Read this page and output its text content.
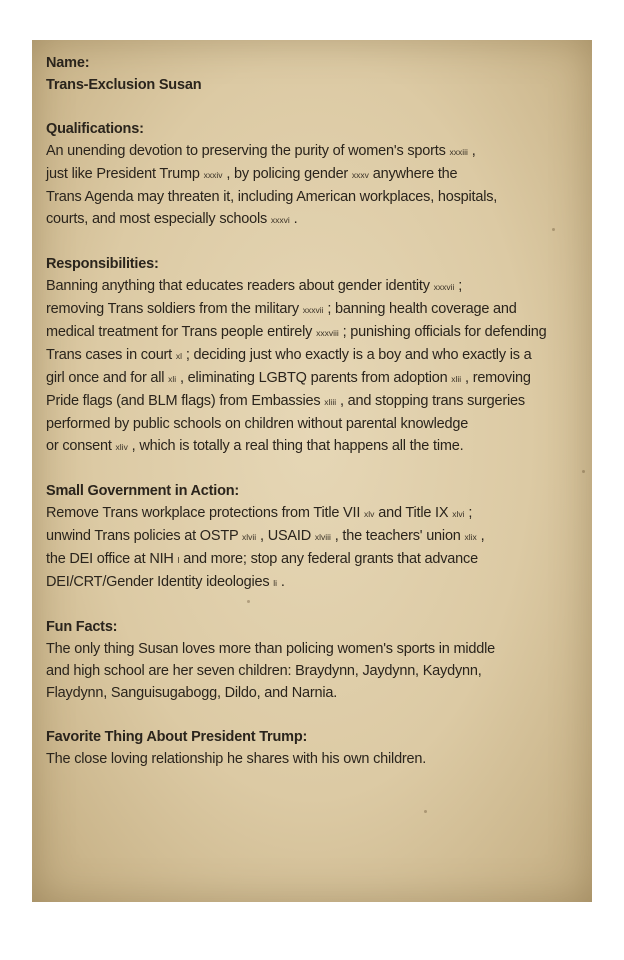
Name:
Trans-Exclusion Susan
Qualifications:
An unending devotion to preserving the purity of women's sports xxxiii ,
just like President Trump xxxiv , by policing gender xxxv anywhere the
Trans Agenda may threaten it, including American workplaces, hospitals,
courts, and most especially schools xxxvi .
Responsibilities:
Banning anything that educates readers about gender identity xxxvii ;
removing Trans soldiers from the military xxxvii ; banning health coverage and
medical treatment for Trans people entirely xxxviii ; punishing officials for defending
Trans cases in court xl ; deciding just who exactly is a boy and who exactly is a
girl once and for all xli , eliminating LGBTQ parents from adoption xlii , removing
Pride flags (and BLM flags) from Embassies xliii , and stopping trans surgeries
performed by public schools on children without parental knowledge
or consent xliv , which is totally a real thing that happens all the time.
Small Government in Action:
Remove Trans workplace protections from Title VII xlv and Title IX xlvi ;
unwind Trans policies at OSTP xlvii , USAID xlviii , the teachers' union xlix ,
the DEI office at NIH l and more; stop any federal grants that advance
DEI/CRT/Gender Identity ideologies li .
Fun Facts:
The only thing Susan loves more than policing women's sports in middle
and high school are her seven children: Braydynn, Jaydynn, Kaydynn,
Flaydynn, Sanguisugabogg, Dildo, and Narnia.
Favorite Thing About President Trump:
The close loving relationship he shares with his own children.
